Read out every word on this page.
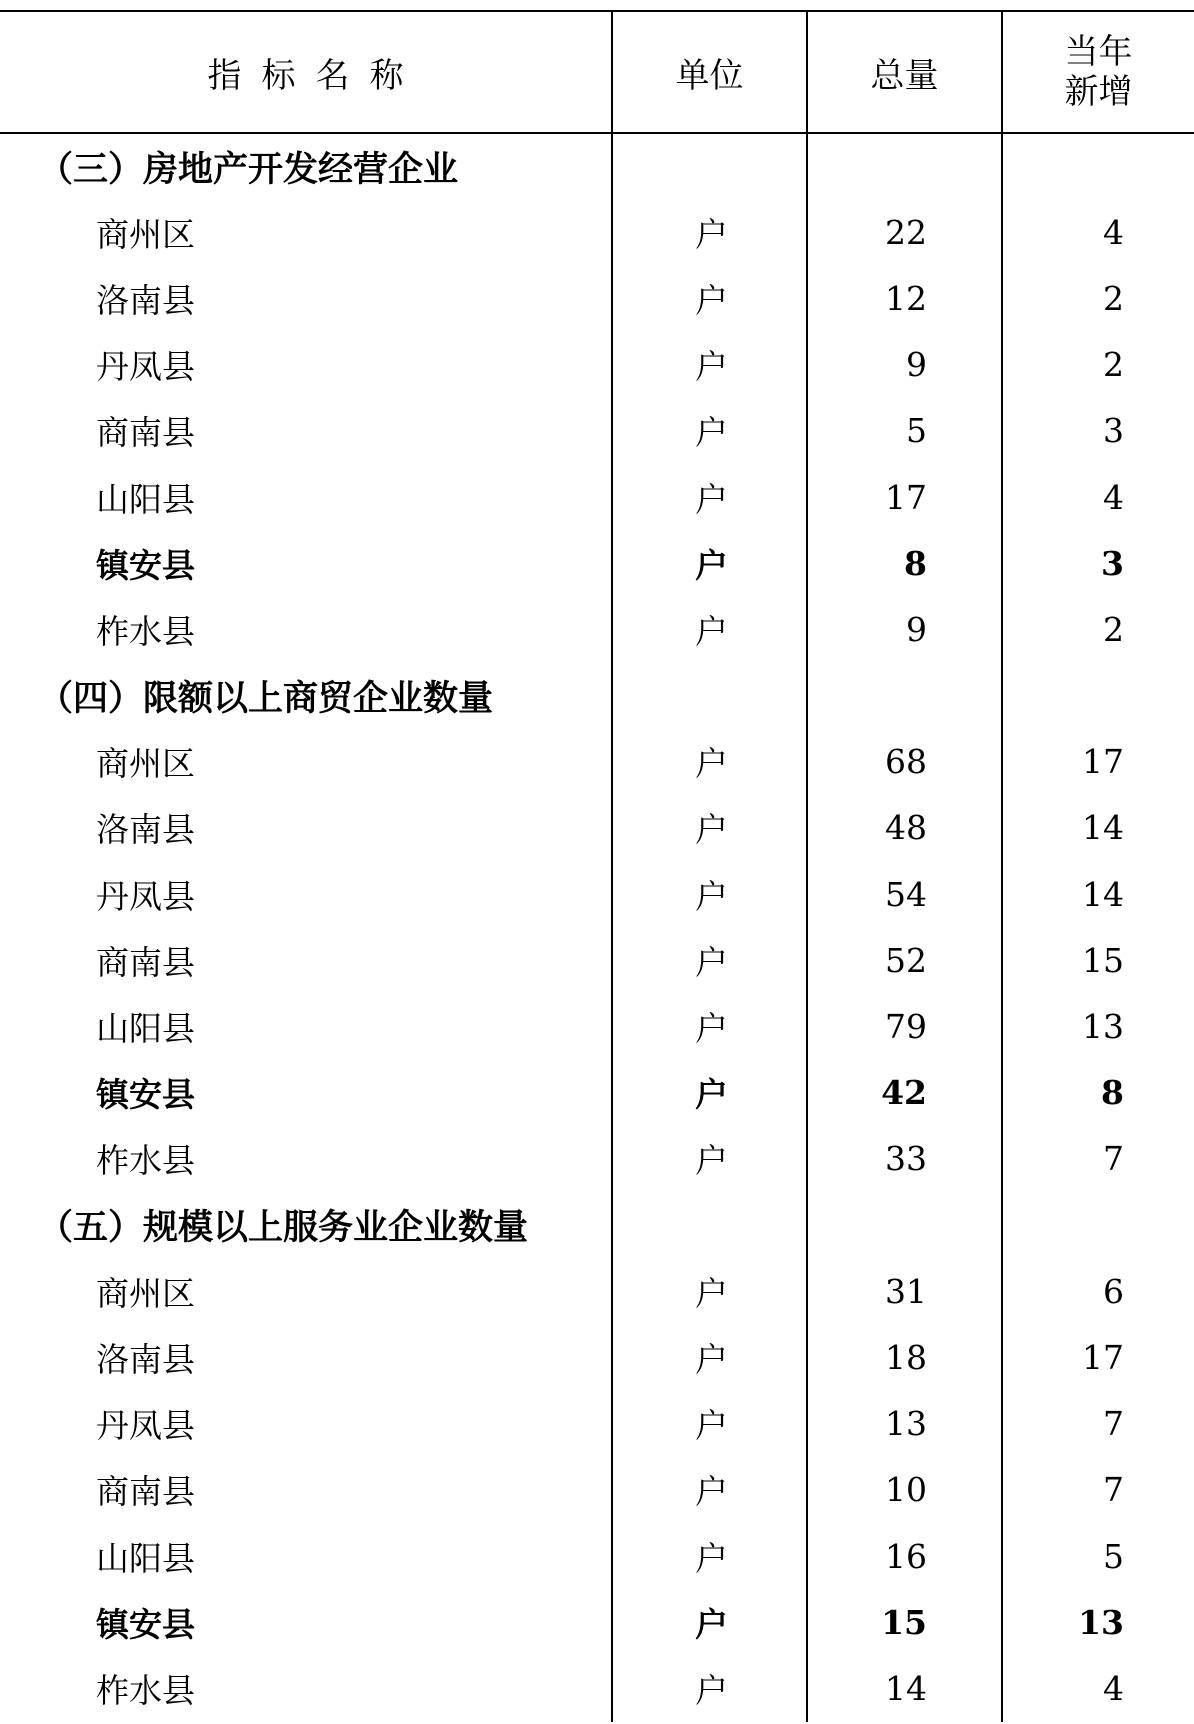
指标名称	单位	总量	当年
新增
（三）房地产开发经营企业			
商州区	户	22	4
洛南县	户	12	2
丹凤县	户	9	2
商南县	户	5	3
山阳县	户	17	4
镇安县	户	8	3
柞水县	户	9	2
（四）限额以上商贸企业数量			
商州区	户	68	17
洛南县	户	48	14
丹凤县	户	54	14
商南县	户	52	15
山阳县	户	79	13
镇安县	户	42	8
柞水县	户	33	7
（五）规模以上服务业企业数量			
商州区	户	31	6
洛南县	户	18	17
丹凤县	户	13	7
商南县	户	10	7
山阳县	户	16	5
镇安县	户	15	13
柞水县	户	14	4
